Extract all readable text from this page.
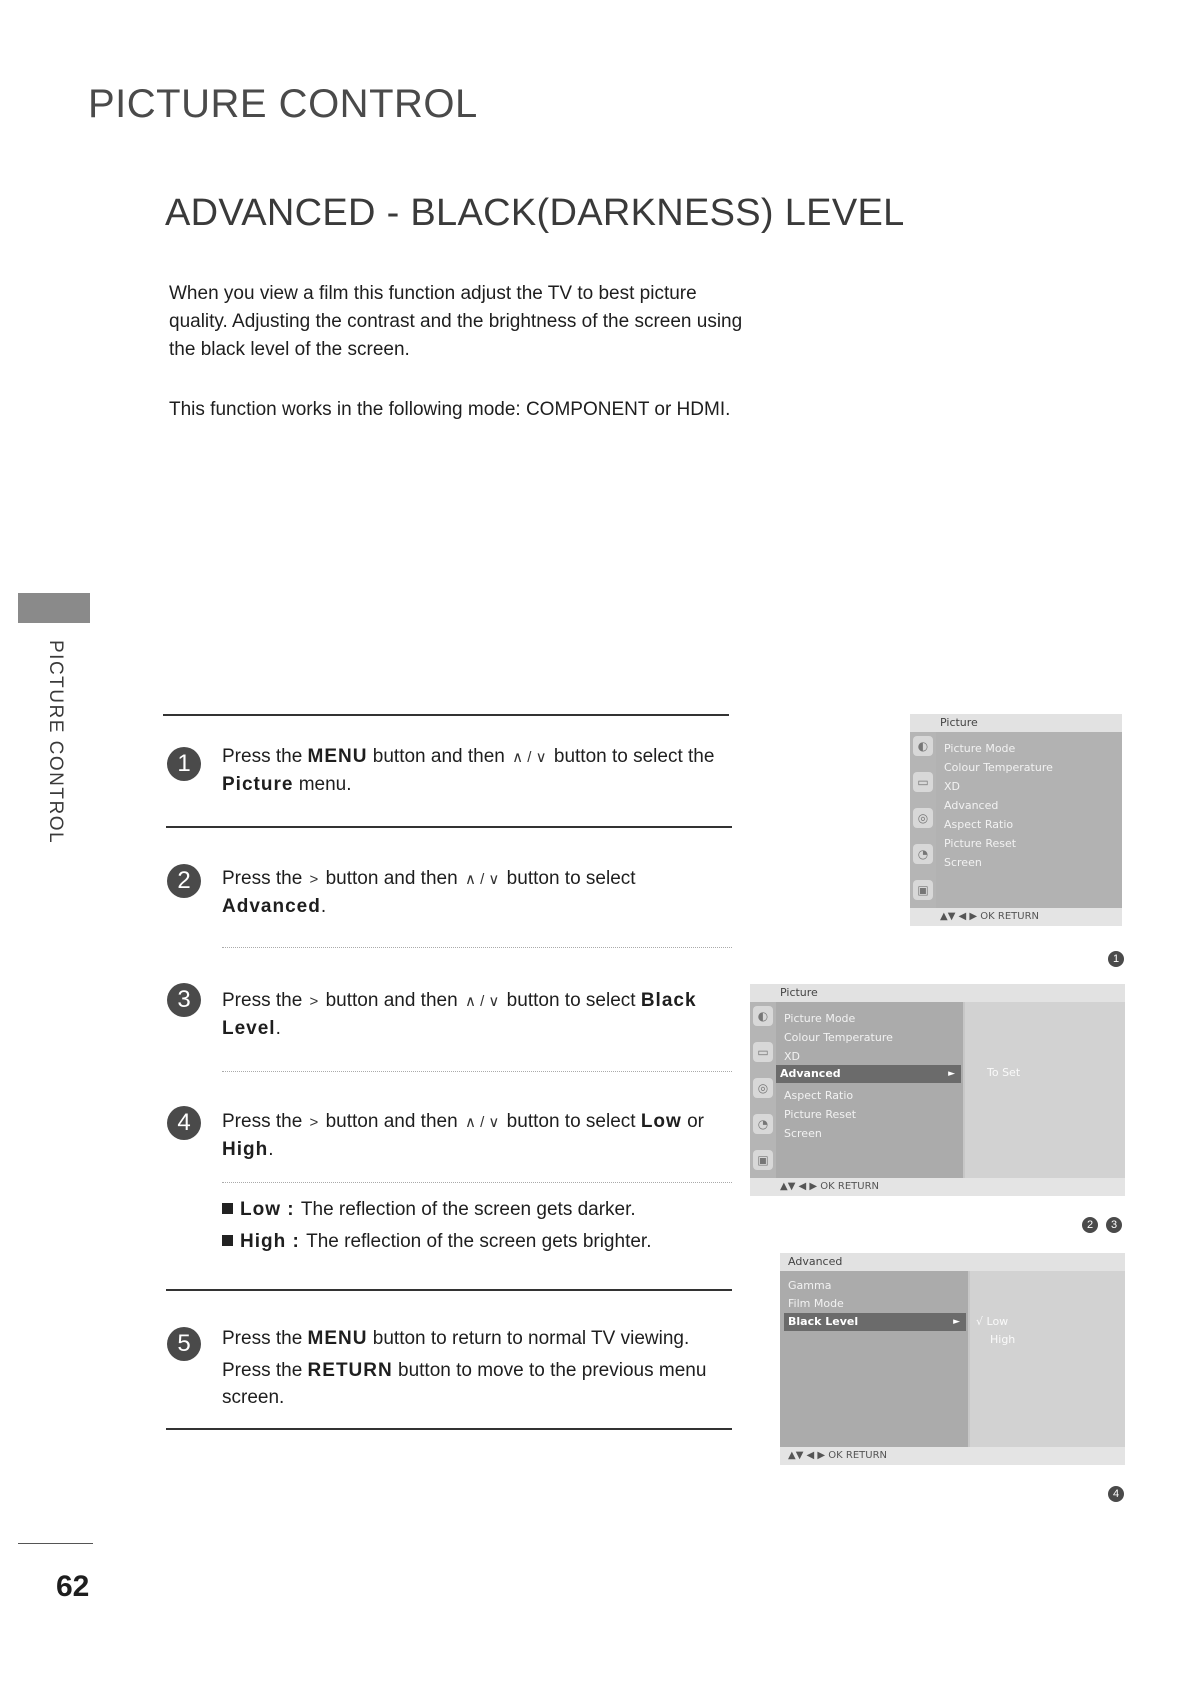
PICTURE CONTROL
ADVANCED - BLACK(DARKNESS) LEVEL
When you view a film this function adjust the TV to best picture quality. Adjusting the contrast and the brightness of the screen using the black level of the screen.
This function works in the following mode: COMPONENT or HDMI.
PICTURE CONTROL	1	Press the MENU button and then ∧ / ∨ button to select the Picture menu.
2	Press the > button and then ∧ / ∨ button to select Advanced.
3	Press the > button and then ∧ / ∨ button to select Black Level.
4	Press the > button and then ∧ / ∨ button to select Low or High.
Low : The reflection of the screen gets darker.
High : The reflection of the screen gets brighter.
5	Press the MENU button to return to normal TV viewing.
Press the RETURN button to move to the previous menu screen.
Picture
◐
▭
◎
◔
▣
Picture Mode
Colour Temperature
XD
Advanced
Aspect Ratio
Picture Reset
Screen
▲▼ ◀ ▶ OK RETURN
1
Picture
◐
▭
◎
◔
▣
Picture Mode
Colour Temperature
XD
Advanced	►
Aspect Ratio
Picture Reset
Screen
To Set
▲▼ ◀ ▶ OK RETURN
2	3
Advanced
Gamma
Film Mode
Black Level	► √ Low
High
▲▼ ◀ ▶ OK RETURN
4
62
